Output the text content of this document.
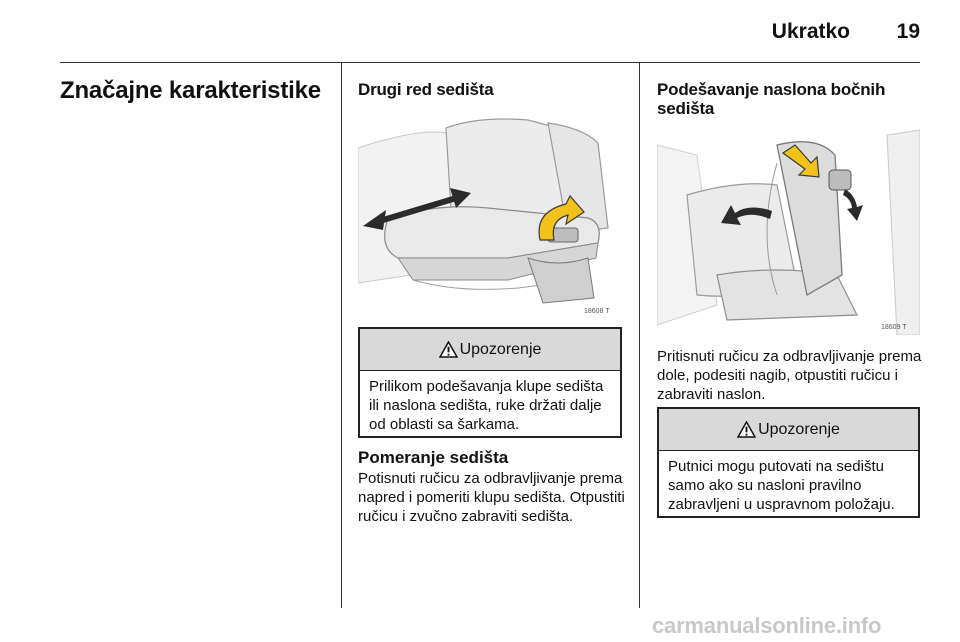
Ukratko	19
Značajne karakteristike Drugi red sedišta
18608 T
Upozorenje
Prilikom podešavanja klupe sedišta ili naslona sedišta, ruke držati dalje od oblasti sa šarkama.
Pomeranje sedišta
Potisnuti ručicu za odbravljivanje prema napred i pomeriti klupu sedišta. Otpustiti ručicu i zvučno zabraviti sedišta.
Podešavanje naslona bočnih sedišta
18609 T
Pritisnuti ručicu za odbravljivanje prema dole, podesiti nagib, otpustiti ručicu i zabraviti naslon.
Upozorenje
Putnici mogu putovati na sedištu samo ako su nasloni pravilno zabravljeni u uspravnom položaju.
carmanualsonline.info
